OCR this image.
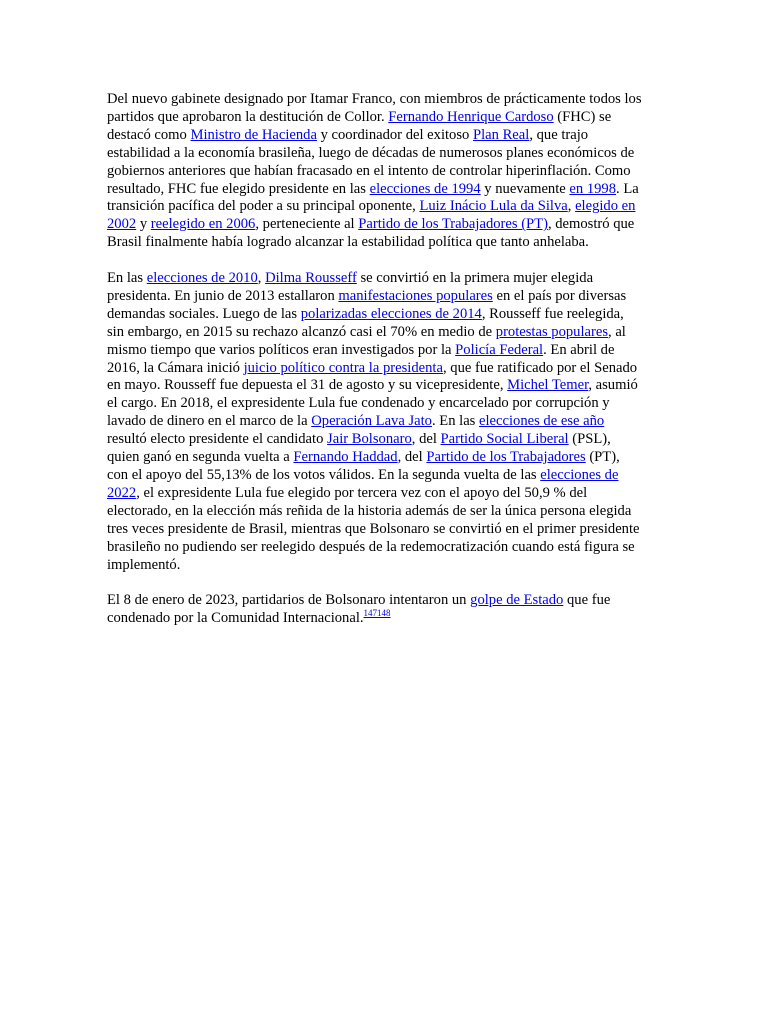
Del nuevo gabinete designado por Itamar Franco, con miembros de prácticamente todos los
partidos que aprobaron la destitución de Collor. Fernando Henrique Cardoso (FHC) se
destacó como Ministro de Hacienda y coordinador del exitoso Plan Real, que trajo
estabilidad a la economía brasileña, luego de décadas de numerosos planes económicos de
gobiernos anteriores que habían fracasado en el intento de controlar hiperinflación. Como
resultado, FHC fue elegido presidente en las elecciones de 1994 y nuevamente en 1998. La
transición pacífica del poder a su principal oponente, Luiz Inácio Lula da Silva, elegido en
2002 y reelegido en 2006, perteneciente al Partido de los Trabajadores (PT), demostró que
Brasil finalmente había logrado alcanzar la estabilidad política que tanto anhelaba.

En las elecciones de 2010, Dilma Rousseff se convirtió en la primera mujer elegida
presidenta. En junio de 2013 estallaron manifestaciones populares en el país por diversas
demandas sociales. Luego de las polarizadas elecciones de 2014, Rousseff fue reelegida,
sin embargo, en 2015 su rechazo alcanzó casi el 70% en medio de protestas populares, al
mismo tiempo que varios políticos eran investigados por la Policía Federal. En abril de
2016, la Cámara inició juicio político contra la presidenta, que fue ratificado por el Senado
en mayo. Rousseff fue depuesta el 31 de agosto y su vicepresidente, Michel Temer, asumió
el cargo. En 2018, el expresidente Lula fue condenado y encarcelado por corrupción y
lavado de dinero en el marco de la Operación Lava Jato. En las elecciones de ese año
resultó electo presidente el candidato Jair Bolsonaro, del Partido Social Liberal (PSL),
quien ganó en segunda vuelta a Fernando Haddad, del Partido de los Trabajadores (PT),
con el apoyo del 55,13% de los votos válidos. En la segunda vuelta de las elecciones de
2022, el expresidente Lula fue elegido por tercera vez con el apoyo del 50,9 % del
electorado, en la elección más reñida de la historia además de ser la única persona elegida
tres veces presidente de Brasil, mientras que Bolsonaro se convirtió en el primer presidente
brasileño no pudiendo ser reelegido después de la redemocratización cuando está figura se
implementó.

El 8 de enero de 2023, partidarios de Bolsonaro intentaron un golpe de Estado que fue
condenado por la Comunidad Internacional.$^{147148}$
